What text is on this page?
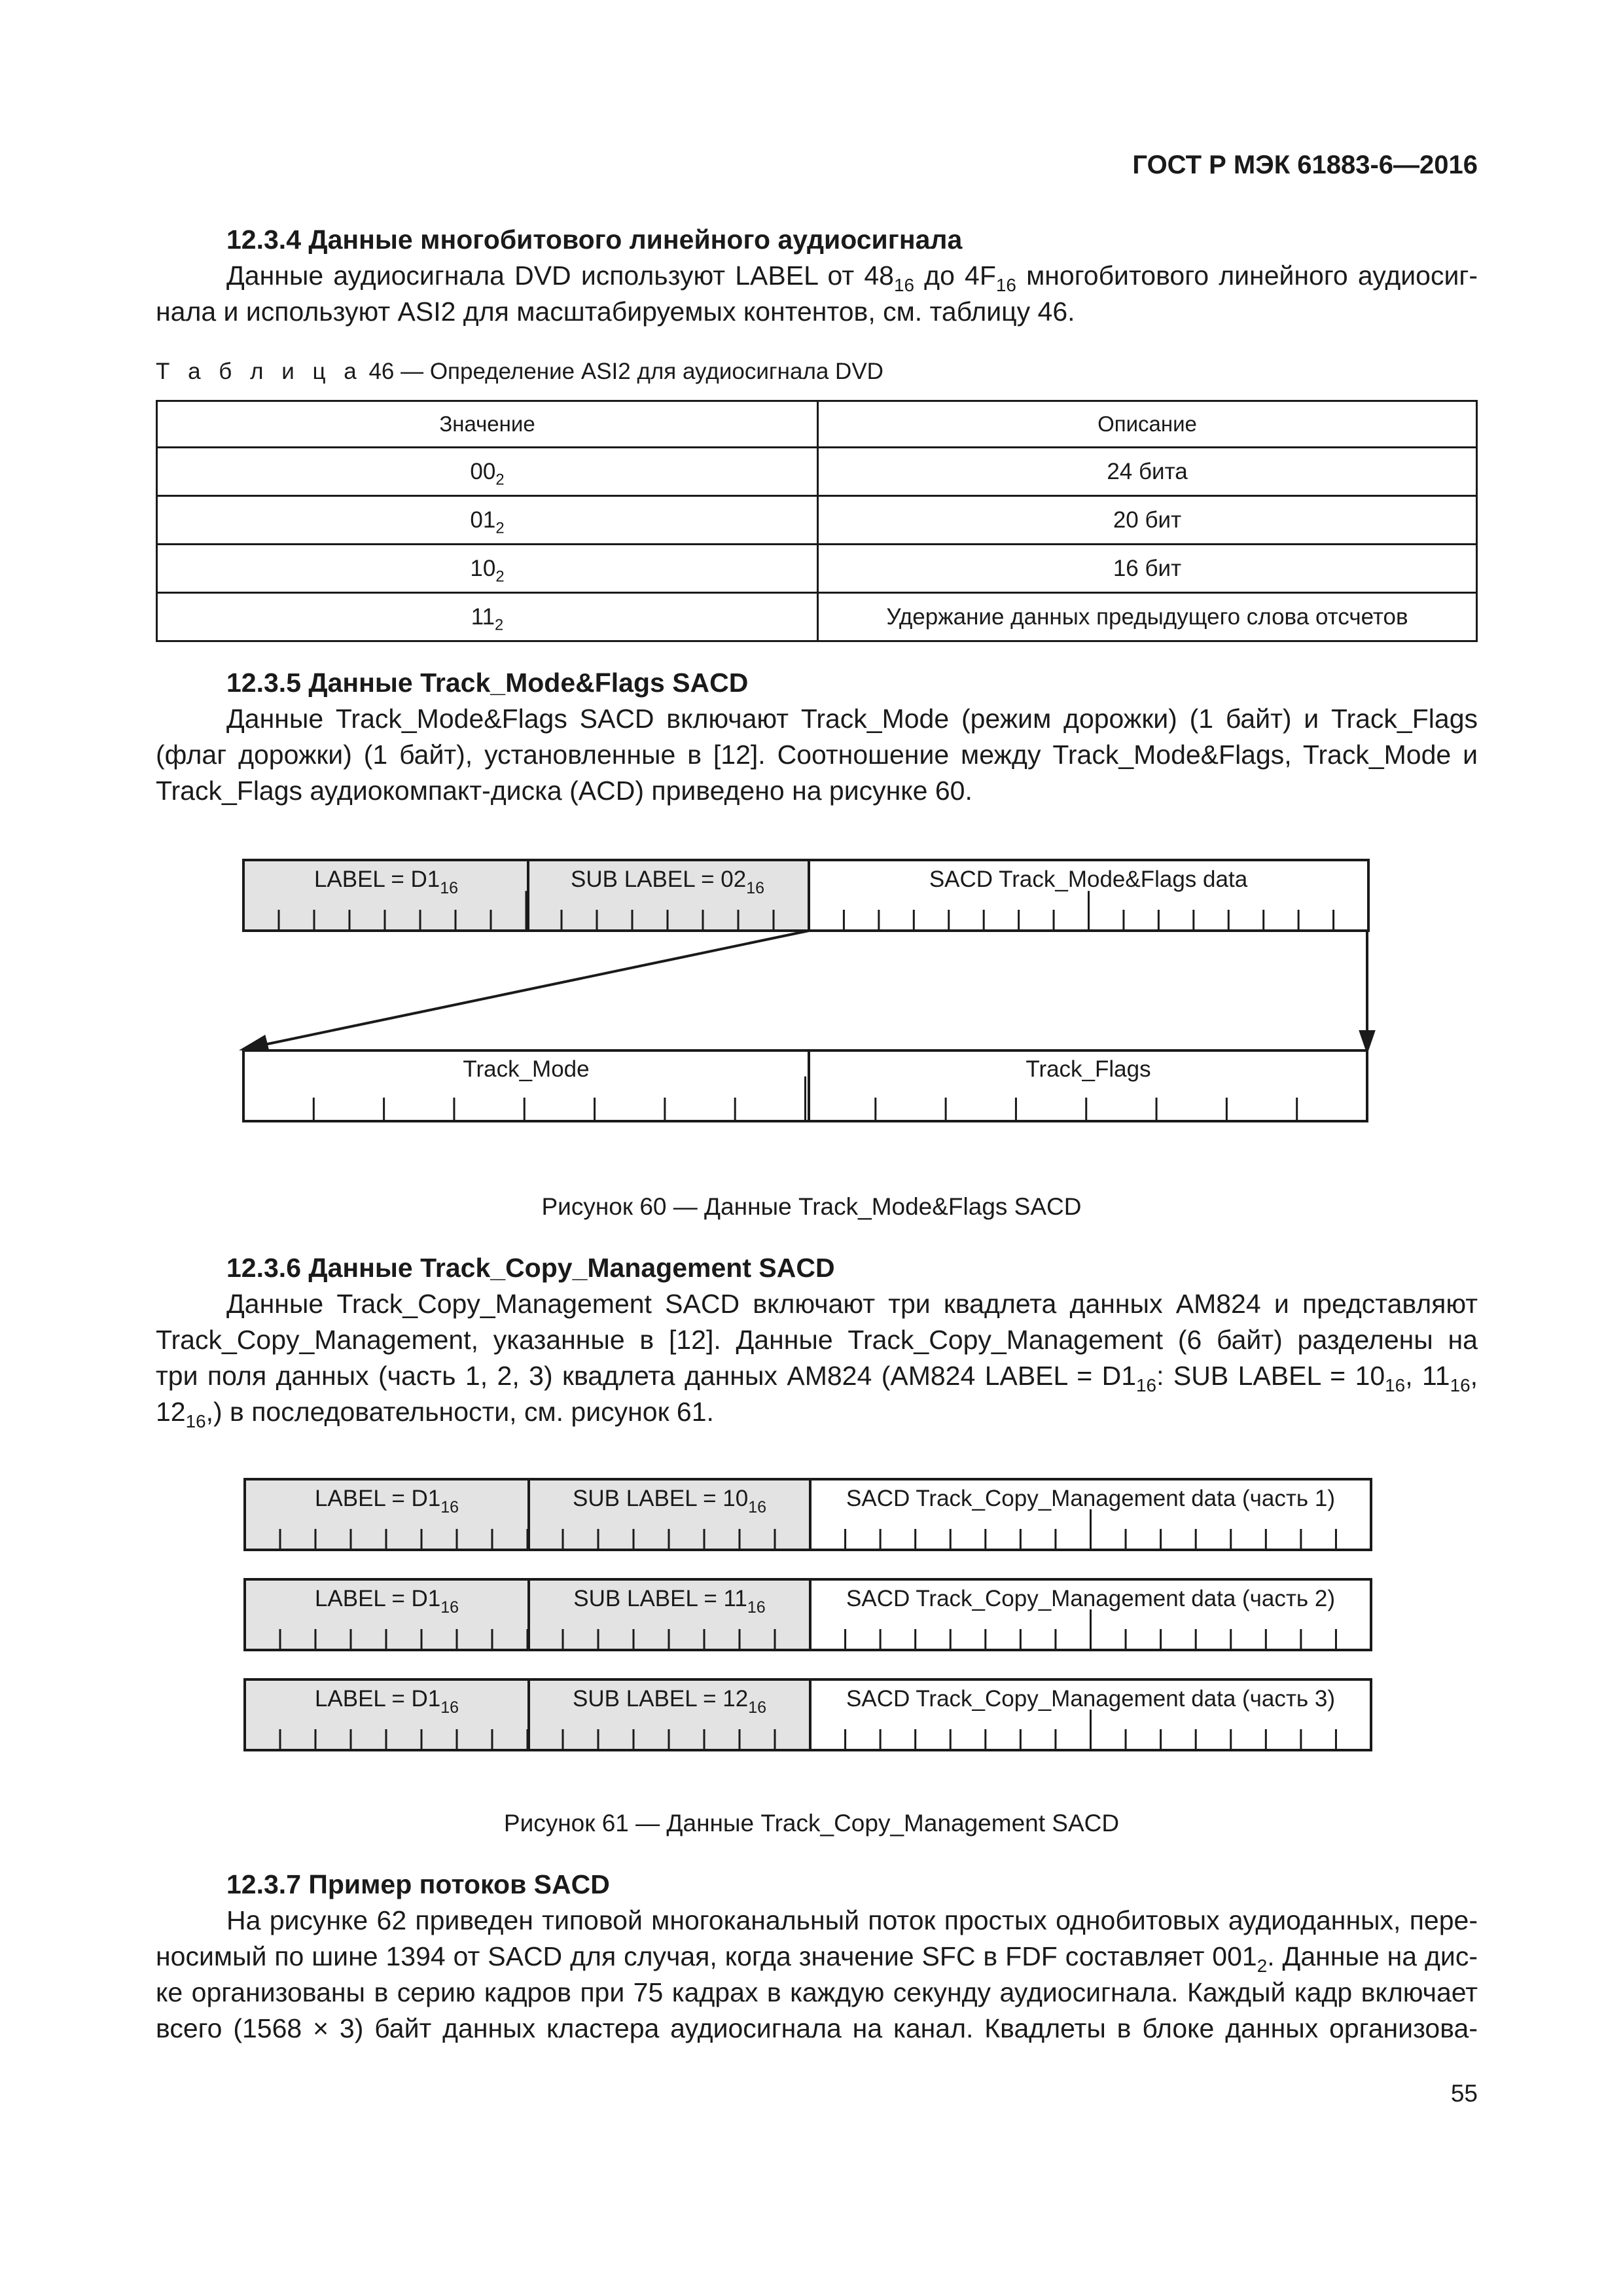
ГОСТ Р МЭК 61883-6—2016
12.3.4 Данные многобитового линейного аудиосигнала

Данные аудиосигнала DVD используют LABEL от $48_{16}$ до $4F_{16}$ многобитового линейного аудиосиг-

нала и используют ASI2 для масштабируемых контентов, см. таблицу 46.

Т а б л и ц а 46 — Определение ASI2 для аудиосигнала DVD
Значение	Описание
$00_2$	24 бита
$01_2$	20 бит
$10_2$	16 бит
$11_2$	Удержание данных предыдущего слова отсчетов
12.3.5 Данные Track_Mode&Flags SACD

Данные Track_Mode&Flags SACD включают Track_Mode (режим дорожки) (1 байт) и Track_Flags

(флаг дорожки) (1 байт), установленные в [12]. Соотношение между Track_Mode&Flags, Track_Mode и

Track_Flags аудиокомпакт-диска (ACD) приведено на рисунке 60.

LABEL = $D1_{16}$	SUB LABEL = $02_{16}$	SACD Track_Mode&Flags data
Track_Mode	Track_Flags
Рисунок 60 — Данные Track_Mode&Flags SACD
12.3.6 Данные Track_Copy_Management SACD

Данные Track_Copy_Management SACD включают три квадлета данных AM824 и представляют

Track_Copy_Management, указанные в [12]. Данные Track_Copy_Management (6 байт) разделены на

три поля данных (часть 1, 2, 3) квадлета данных AM824 (AM824 LABEL = $D1_{16}$: SUB LABEL = $10_{16}$, $11_{16}$,

$12_{16}$,) в последовательности, см. рисунок 61.

LABEL = $D1_{16}$	SUB LABEL = $10_{16}$	SACD Track_Copy_Management data (часть 1)
LABEL = $D1_{16}$	SUB LABEL = $11_{16}$	SACD Track_Copy_Management data (часть 2)
LABEL = $D1_{16}$	SUB LABEL = $12_{16}$	SACD Track_Copy_Management data (часть 3)
Рисунок 61 — Данные Track_Copy_Management SACD
12.3.7 Пример потоков SACD

На рисунке 62 приведен типовой многоканальный поток простых однобитовых аудиоданных, пере-

носимый по шине 1394 от SACD для случая, когда значение SFC в FDF составляет $001_2$. Данные на дис-

ке организованы в серию кадров при 75 кадрах в каждую секунду аудиосигнала. Каждый кадр включает

всего (1568 × 3) байт данных кластера аудиосигнала на канал. Квадлеты в блоке данных организова-

55
